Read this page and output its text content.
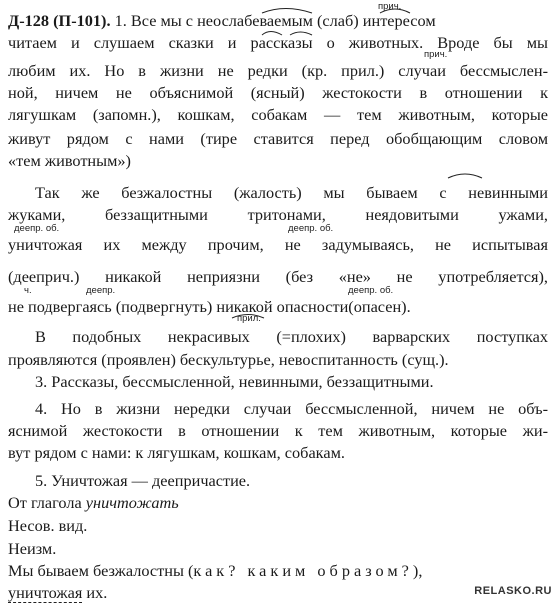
прич.
Д-128 (П-101). 1. Все мы с неослабеваемым (слаб) интересом
читаем и слушаем сказки и рассказы о животных. Вроде бы мы
прич.
любим их. Но в жизни не редки (кр. прил.) случаи бессмыслен-
ной, ничем не объяснимой (ясный) жестокости в отношении к
лягушкам (запомн.), кошкам, собакам — тем животным, которые
живут рядом с нами (тире ставится перед обобщающим словом
«тем животным»)
Так же безжалостны (жалость) мы бываем с невинными
жуками, беззащитными тритонами, неядовитыми ужами,
деепр. об.	деепр. об.
уничтожая их между прочим, не задумываясь, не испытывая
(дееприч.) никакой неприязни (без «не» не употребляется),
ч.	деепр.	деепр. об.
не подвергаясь (подвергнуть) никакой опасности(опасен).
прил.
В подобных некрасивых (=плохих) варварских поступках
проявляются (проявлен) бескультурье, невоспитанность (сущ.).
3. Рассказы, бессмысленной, невинными, беззащитными.
4. Но в жизни нередки случаи бессмысленной, ничем не объ-
яснимой жестокости в отношении к тем животным, которые жи-
вут рядом с нами: к лягушкам, кошкам, собакам.
5. Уничтожая — деепричастие.
От глагола уничтожать
Несов. вид.
Неизм.
Мы бываем безжалостны (как? каким образом?),
уничтожая их.	RELASKO.RU
